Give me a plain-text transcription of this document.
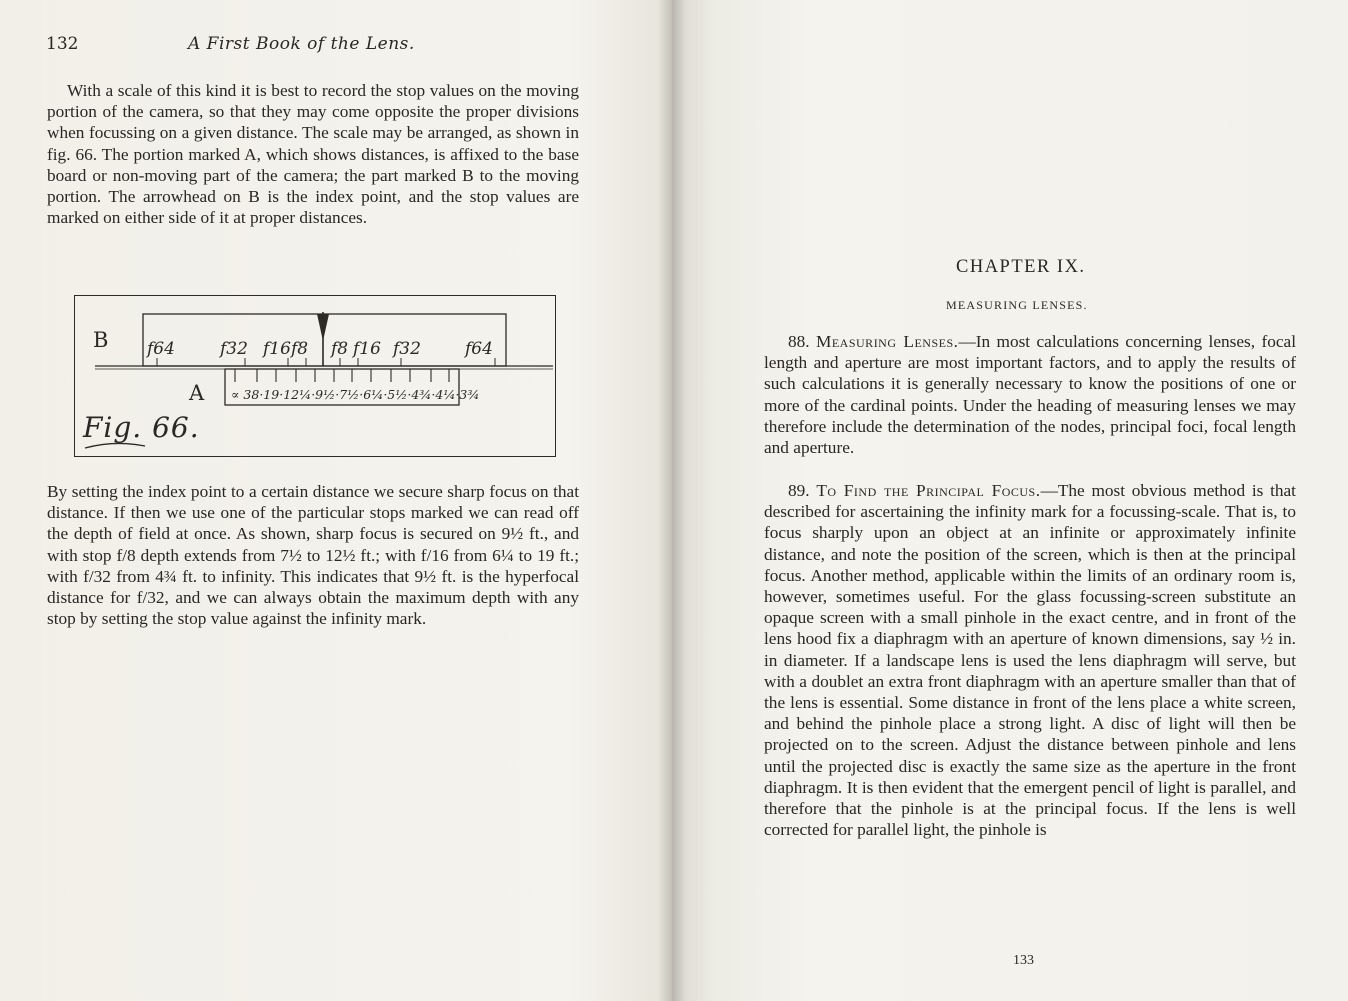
132	A First Book of the Lens.

With a scale of this kind it is best to record the stop values on the moving portion of the camera, so that they may come opposite the proper divisions when focussing on a given distance. The scale may be arranged, as shown in fig. 66. The portion marked A, which shows distances, is affixed to the base board or non-moving part of the camera; the part marked B to the moving portion. The arrowhead on B is the index point, and the stop values are marked on either side of it at proper distances.

B
A
f64	f32 f16 f8 f8 f16 f32	f64
∝ 38·19·12¼·9½·7½·6¼·5½·4¾·4¼·3¾
Fig. 66.

By setting the index point to a certain distance we secure sharp focus on that distance. If then we use one of the particular stops marked we can read off the depth of field at once. As shown, sharp focus is secured on 9½ ft., and with stop f/8 depth extends from 7½ to 12½ ft.; with f/16 from 6¼ to 19 ft.; with f/32 from 4¾ ft. to infinity. This indicates that 9½ ft. is the hyperfocal distance for f/32, and we can always obtain the maximum depth with any stop by setting the stop value against the infinity mark.

CHAPTER IX.
MEASURING LENSES.

88. Measuring Lenses.—In most calculations concerning lenses, focal length and aperture are most important factors, and to apply the results of such calculations it is generally necessary to know the positions of one or more of the cardinal points. Under the heading of measuring lenses we may therefore include the determination of the nodes, principal foci, focal length and aperture.

89. To Find the Principal Focus.—The most obvious method is that described for ascertaining the infinity mark for a focussing-scale. That is, to focus sharply upon an object at an infinite or approximately infinite distance, and note the position of the screen, which is then at the principal focus. Another method, applicable within the limits of an ordinary room is, however, sometimes useful. For the glass focussing-screen substitute an opaque screen with a small pinhole in the exact centre, and in front of the lens hood fix a diaphragm with an aperture of known dimensions, say ½ in. in diameter. If a landscape lens is used the lens diaphragm will serve, but with a doublet an extra front diaphragm with an aperture smaller than that of the lens is essential. Some distance in front of the lens place a white screen, and behind the pinhole place a strong light. A disc of light will then be projected on to the screen. Adjust the distance between pinhole and lens until the projected disc is exactly the same size as the aperture in the front diaphragm. It is then evident that the emergent pencil of light is parallel, and therefore that the pinhole is at the principal focus. If the lens is well corrected for parallel light, the pinhole is

133
